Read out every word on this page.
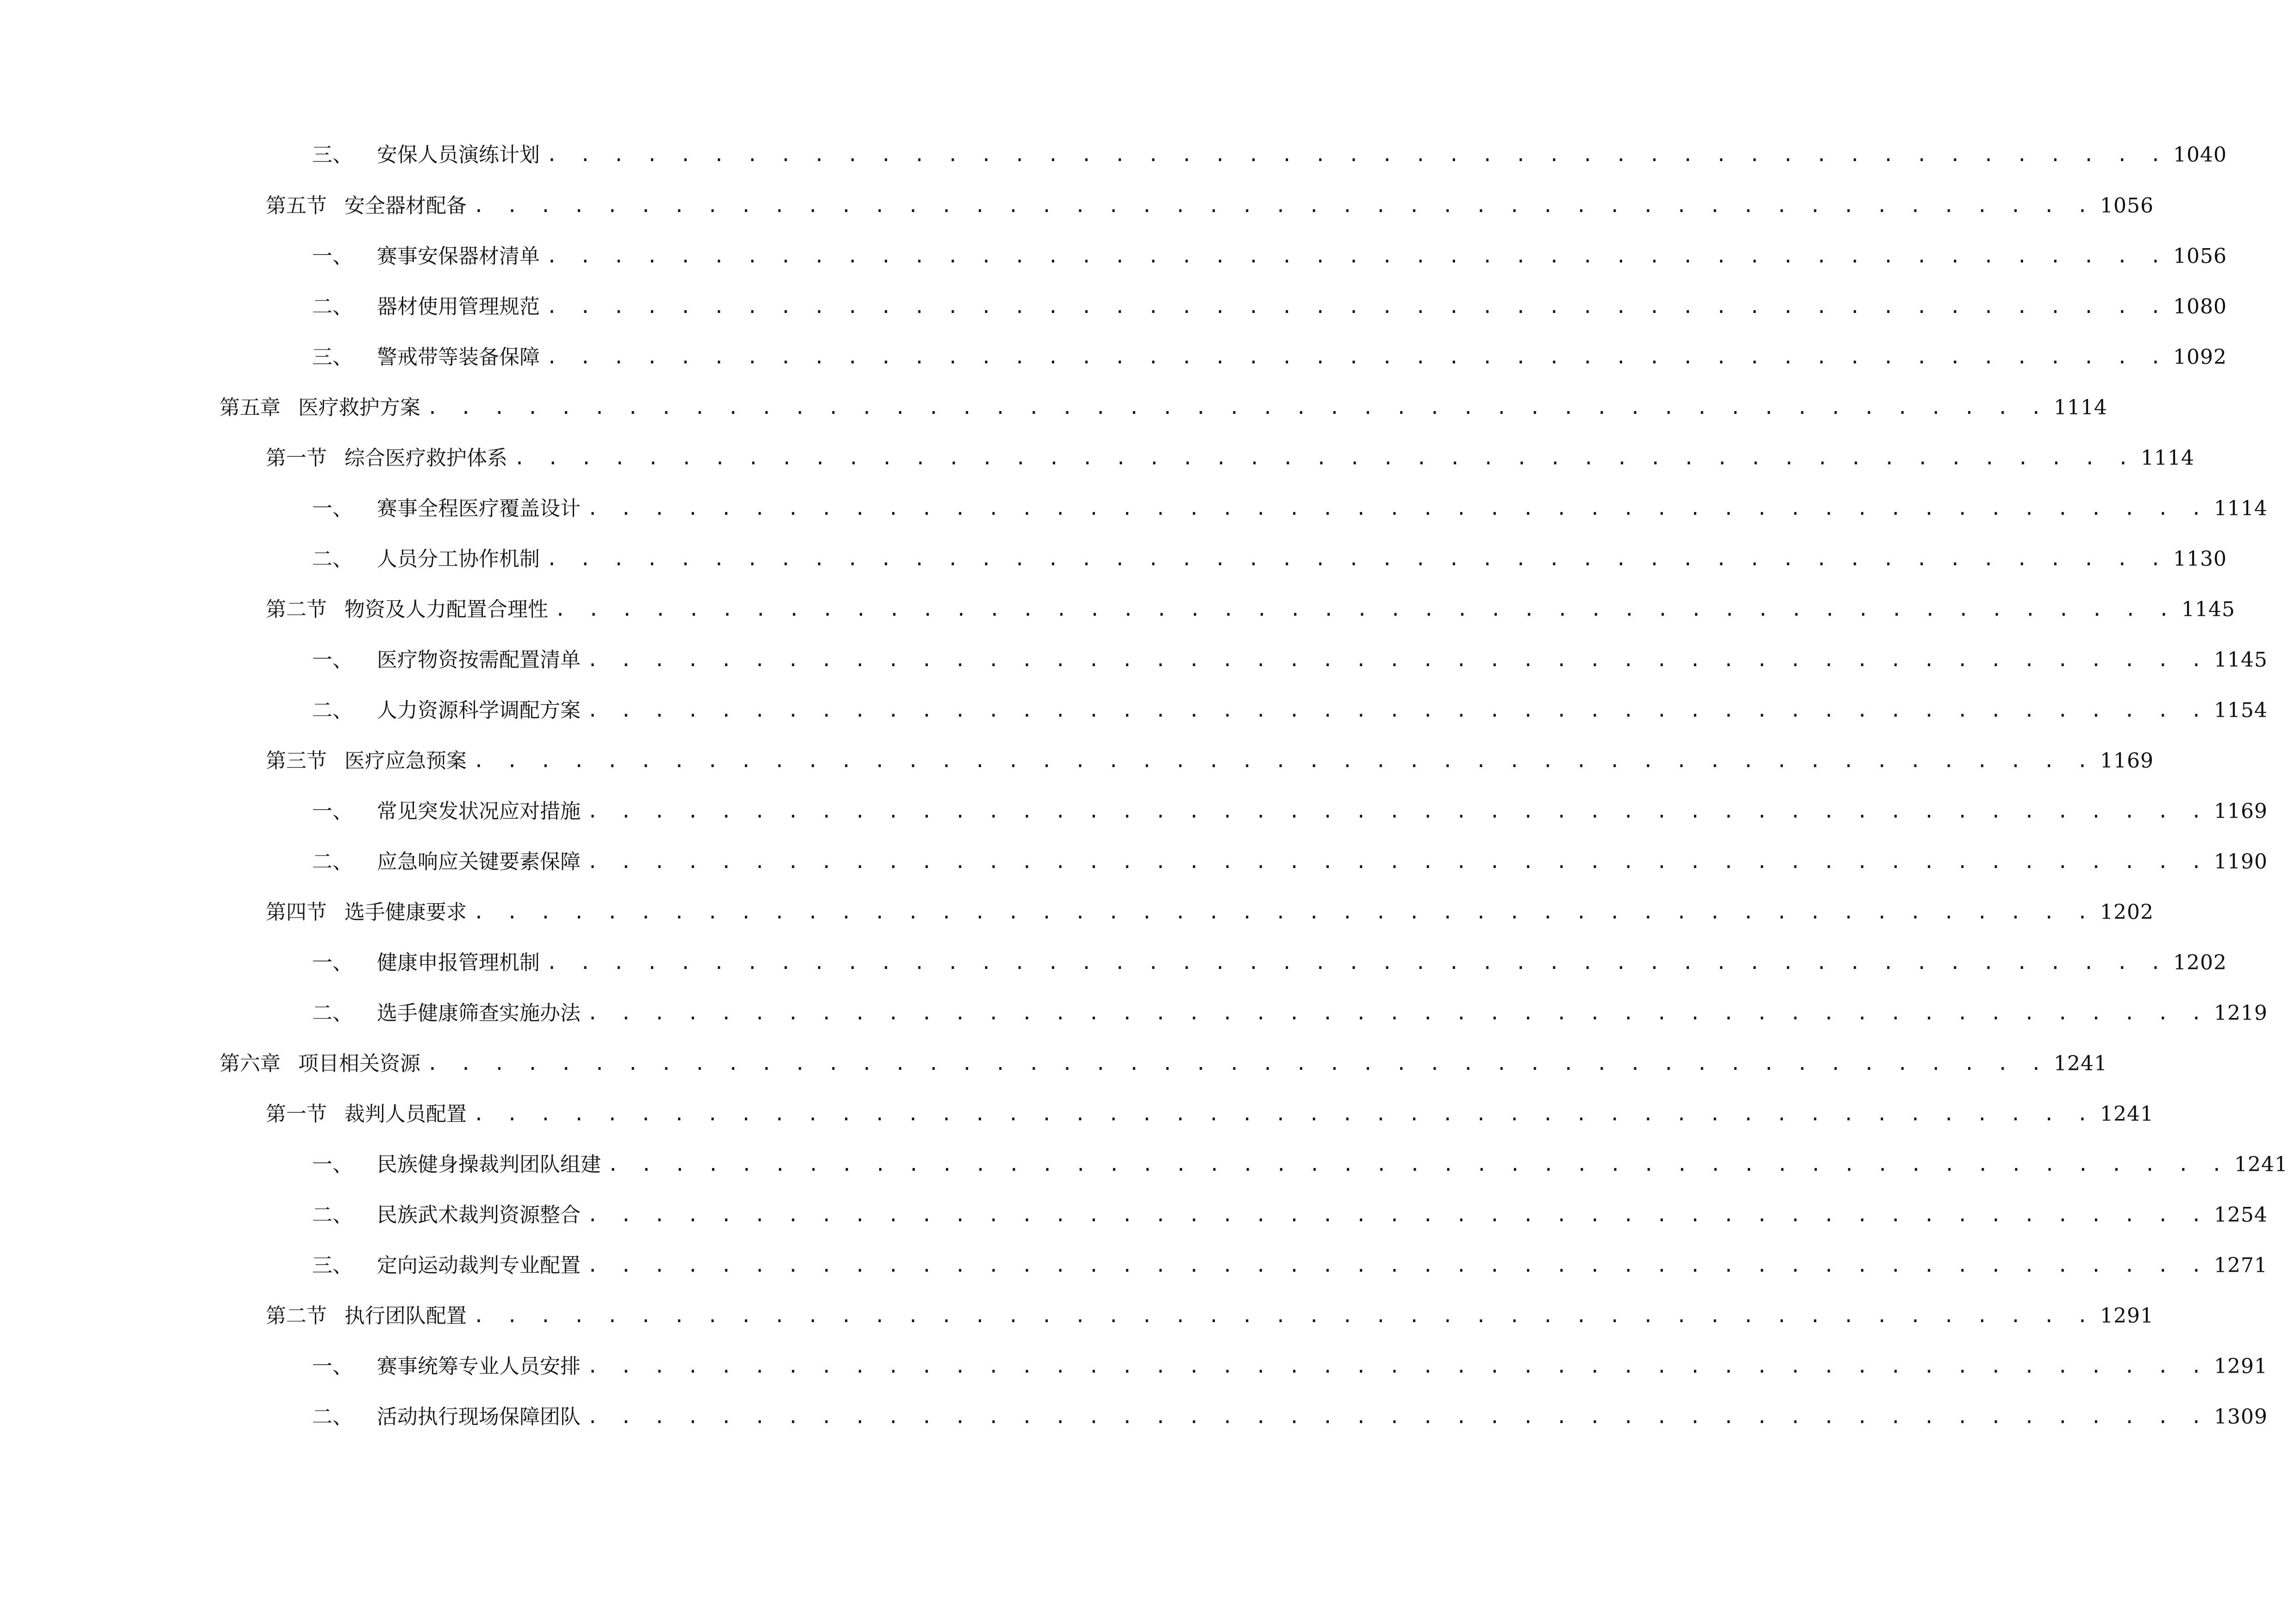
三、 安保人员演练计划 . . . . . . . . . . . . . . . . . . . . . . . . . . . . . . . . . . . . . . . . . . . . . . . . . 1040
第五节 安全器材配备 . . . . . . . . . . . . . . . . . . . . . . . . . . . . . . . . . . . . . . . . . . . . . . . . . 1056
一、 赛事安保器材清单 . . . . . . . . . . . . . . . . . . . . . . . . . . . . . . . . . . . . . . . . . . . . . . . . . 1056
二、 器材使用管理规范 . . . . . . . . . . . . . . . . . . . . . . . . . . . . . . . . . . . . . . . . . . . . . . . . . 1080
三、 警戒带等装备保障 . . . . . . . . . . . . . . . . . . . . . . . . . . . . . . . . . . . . . . . . . . . . . . . . . 1092
第五章 医疗救护方案 . . . . . . . . . . . . . . . . . . . . . . . . . . . . . . . . . . . . . . . . . . . . . . . . . 1114
第一节 综合医疗救护体系 . . . . . . . . . . . . . . . . . . . . . . . . . . . . . . . . . . . . . . . . . . . . . . . . . 1114
一、 赛事全程医疗覆盖设计 . . . . . . . . . . . . . . . . . . . . . . . . . . . . . . . . . . . . . . . . . . . . . . . . . 1114
二、 人员分工协作机制 . . . . . . . . . . . . . . . . . . . . . . . . . . . . . . . . . . . . . . . . . . . . . . . . . 1130
第二节 物资及人力配置合理性 . . . . . . . . . . . . . . . . . . . . . . . . . . . . . . . . . . . . . . . . . . . . . . . . . 1145
一、 医疗物资按需配置清单 . . . . . . . . . . . . . . . . . . . . . . . . . . . . . . . . . . . . . . . . . . . . . . . . . 1145
二、 人力资源科学调配方案 . . . . . . . . . . . . . . . . . . . . . . . . . . . . . . . . . . . . . . . . . . . . . . . . . 1154
第三节 医疗应急预案 . . . . . . . . . . . . . . . . . . . . . . . . . . . . . . . . . . . . . . . . . . . . . . . . . 1169
一、 常见突发状况应对措施 . . . . . . . . . . . . . . . . . . . . . . . . . . . . . . . . . . . . . . . . . . . . . . . . . 1169
二、 应急响应关键要素保障 . . . . . . . . . . . . . . . . . . . . . . . . . . . . . . . . . . . . . . . . . . . . . . . . . 1190
第四节 选手健康要求 . . . . . . . . . . . . . . . . . . . . . . . . . . . . . . . . . . . . . . . . . . . . . . . . . 1202
一、 健康申报管理机制 . . . . . . . . . . . . . . . . . . . . . . . . . . . . . . . . . . . . . . . . . . . . . . . . . 1202
二、 选手健康筛查实施办法 . . . . . . . . . . . . . . . . . . . . . . . . . . . . . . . . . . . . . . . . . . . . . . . . . 1219
第六章 项目相关资源 . . . . . . . . . . . . . . . . . . . . . . . . . . . . . . . . . . . . . . . . . . . . . . . . . 1241
第一节 裁判人员配置 . . . . . . . . . . . . . . . . . . . . . . . . . . . . . . . . . . . . . . . . . . . . . . . . . 1241
一、 民族健身操裁判团队组建 . . . . . . . . . . . . . . . . . . . . . . . . . . . . . . . . . . . . . . . . . . . . . . . . . 1241
二、 民族武术裁判资源整合 . . . . . . . . . . . . . . . . . . . . . . . . . . . . . . . . . . . . . . . . . . . . . . . . . 1254
三、 定向运动裁判专业配置 . . . . . . . . . . . . . . . . . . . . . . . . . . . . . . . . . . . . . . . . . . . . . . . . . 1271
第二节 执行团队配置 . . . . . . . . . . . . . . . . . . . . . . . . . . . . . . . . . . . . . . . . . . . . . . . . . 1291
一、 赛事统筹专业人员安排 . . . . . . . . . . . . . . . . . . . . . . . . . . . . . . . . . . . . . . . . . . . . . . . . . 1291
二、 活动执行现场保障团队 . . . . . . . . . . . . . . . . . . . . . . . . . . . . . . . . . . . . . . . . . . . . . . . . . 1309
